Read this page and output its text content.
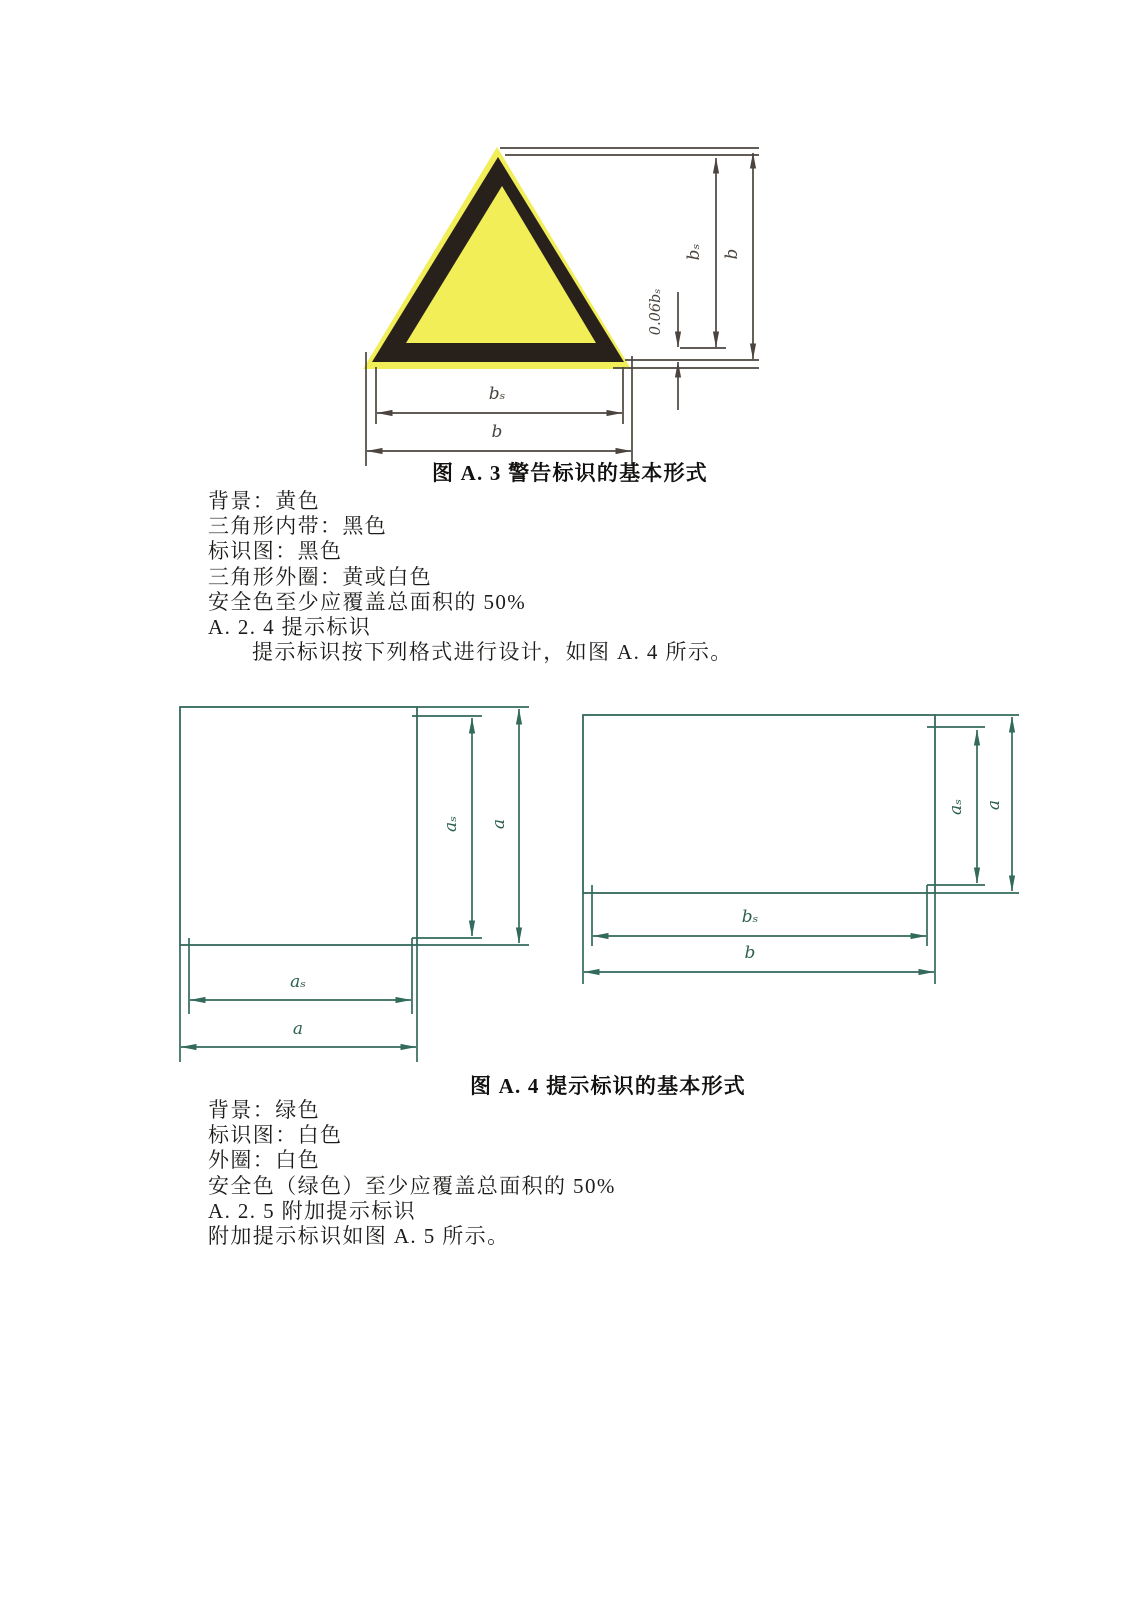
bₛ b
0.06bₛ
bₛ
b
aₛ a
aₛ
a
aₛ a
bₛ
b
图 A. 3 警告标识的基本形式
背景：黄色
三角形内带：黑色
标识图：黑色
三角形外圈：黄或白色
安全色至少应覆盖总面积的 50%
A. 2. 4 提示标识
提示标识按下列格式进行设计，如图 A. 4 所示。
图 A. 4 提示标识的基本形式
背景：绿色
标识图：白色
外圈：白色
安全色（绿色）至少应覆盖总面积的 50%
A. 2. 5 附加提示标识
附加提示标识如图 A. 5 所示。
